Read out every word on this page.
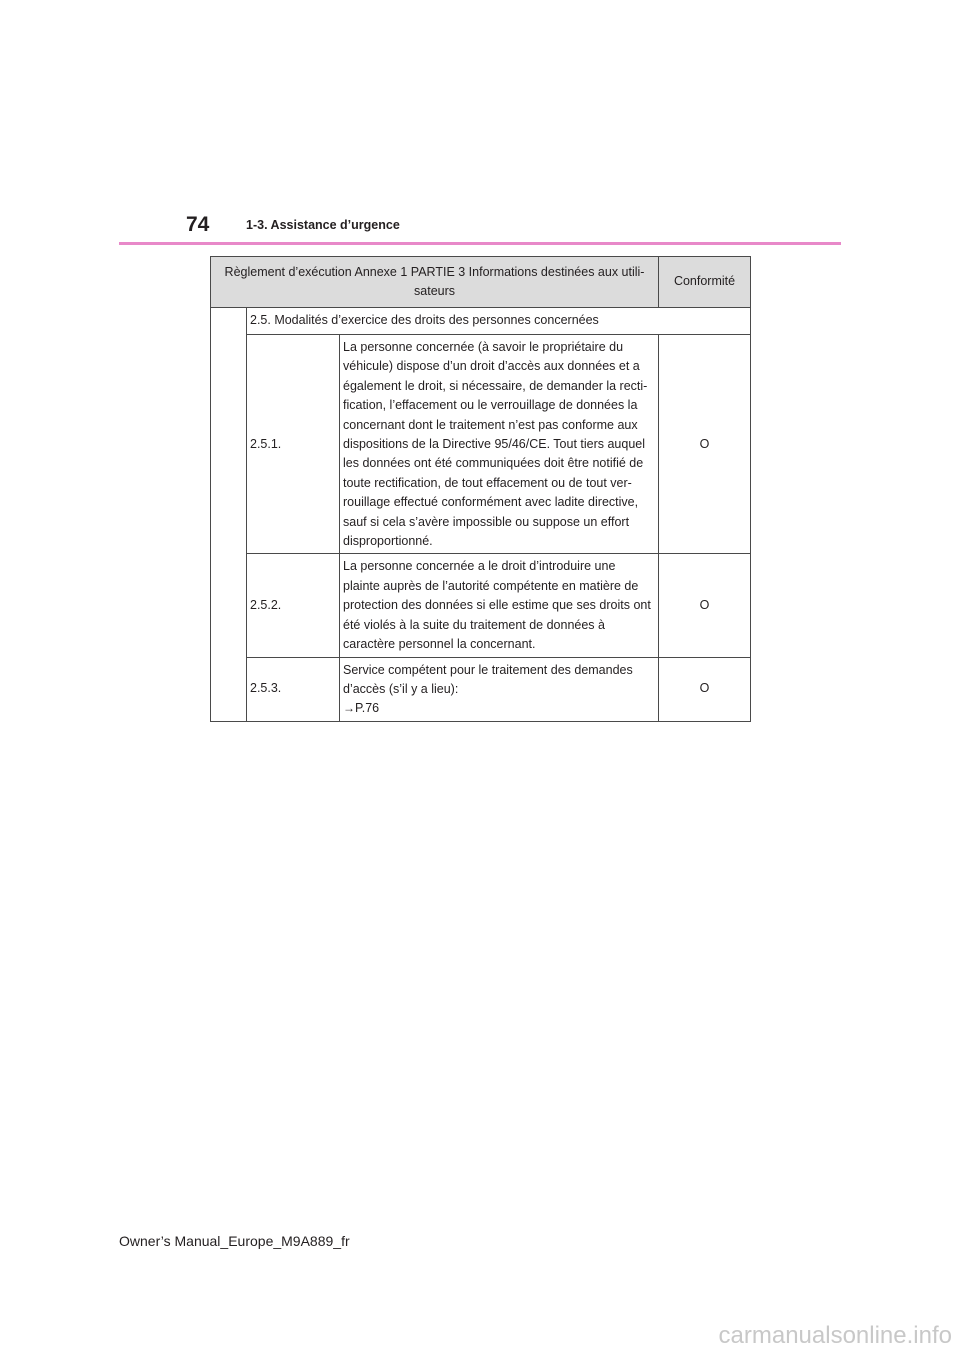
74	1-3. Assistance d’urgence
Règlement d’exécution Annexe 1 PARTIE 3 Informations destinées aux utili-sateurs			Conformité
	2.5. Modalités d’exercice des droits des personnes concernées		
	2.5.1.	La personne concernée (à savoir le propriétaire du véhicule) dispose d’un droit d’accès aux données et a également le droit, si nécessaire, de demander la recti-fication, l’effacement ou le verrouillage de données la concernant dont le traitement n’est pas conforme aux dispositions de la Directive 95/46/CE. Tout tiers auquel les données ont été communiquées doit être notifié de toute rectification, de tout effacement ou de tout ver-rouillage effectué conformément avec ladite directive, sauf si cela s’avère impossible ou suppose un effort disproportionné.	O
	2.5.2.	La personne concernée a le droit d’introduire une plainte auprès de l’autorité compétente en matière de protection des données si elle estime que ses droits ont été violés à la suite du traitement de données à caractère personnel la concernant.	O
	2.5.3.	Service compétent pour le traitement des demandes d’accès (s’il y a lieu):
→P.76	O
Owner’s Manual_Europe_M9A889_fr
carmanualsonline.info
